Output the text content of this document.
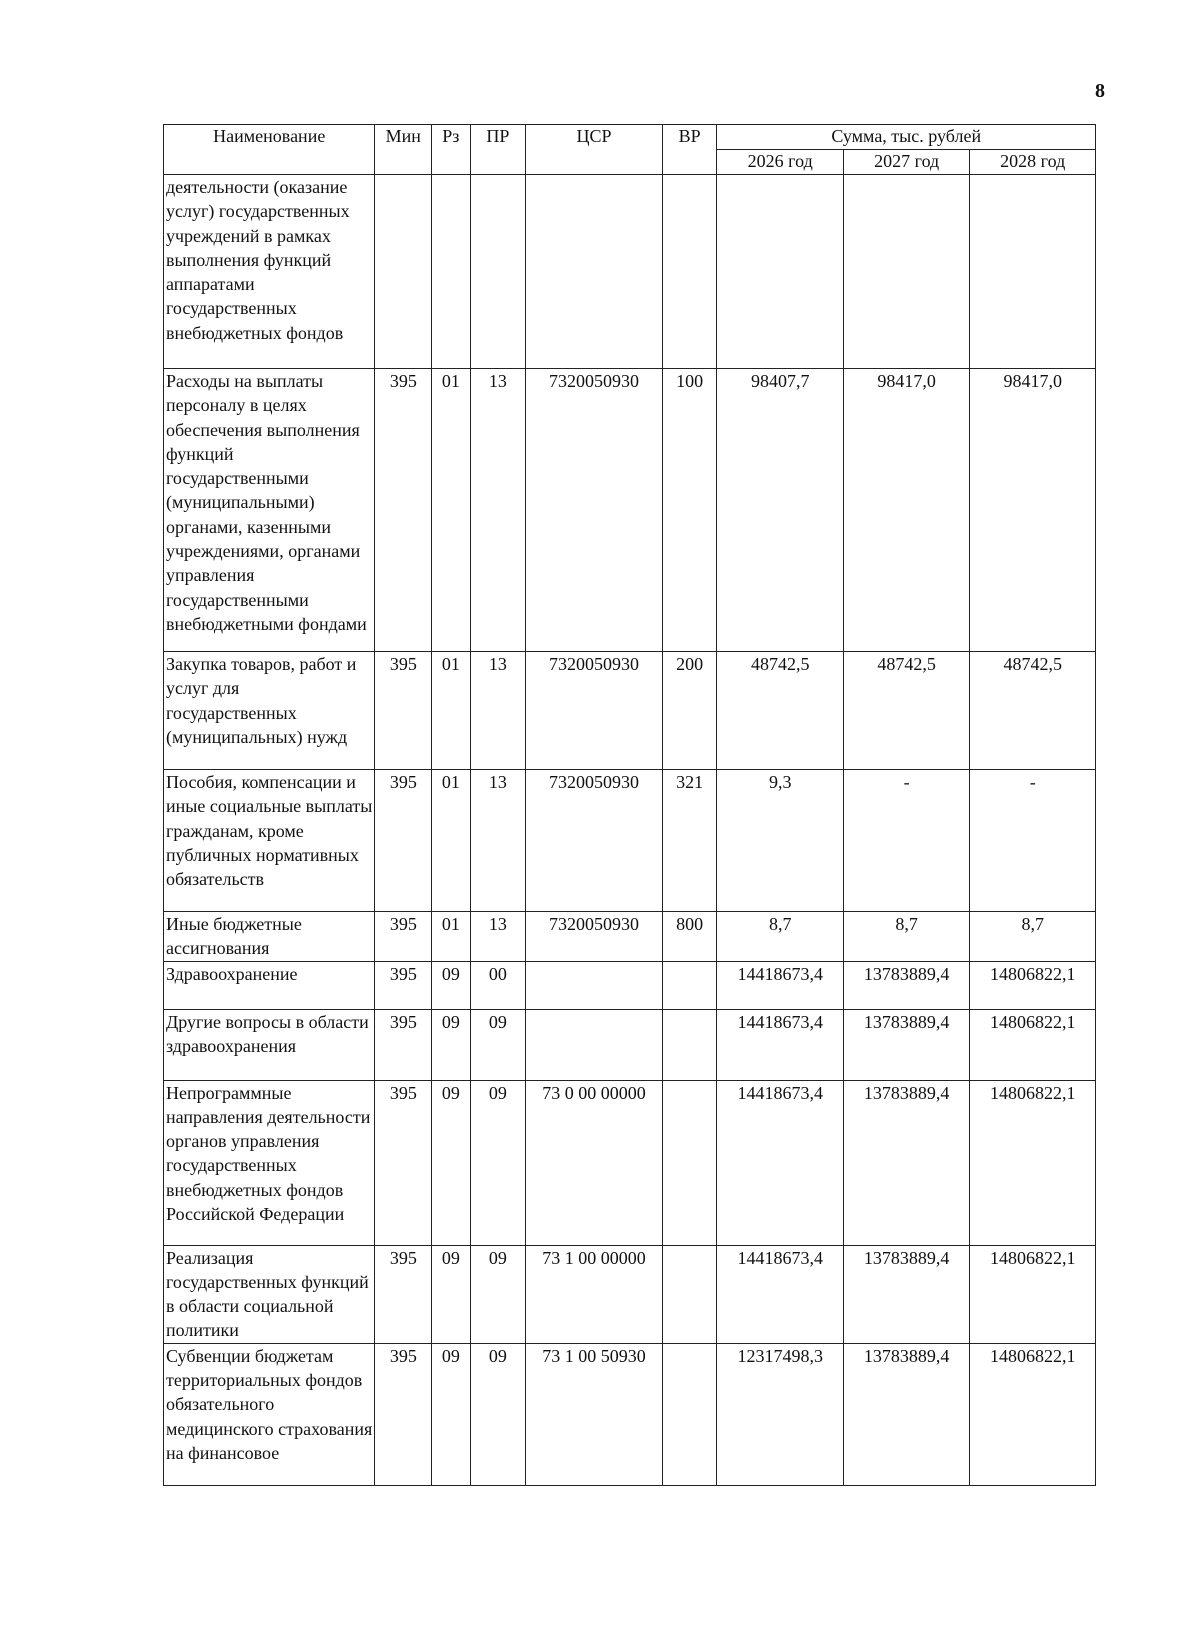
8
Наименование	Мин	Рз	ПР	ЦСР	ВР	Сумма, тыс. рублей		
						2026 год	2027 год	2028 год
деятельности (оказание услуг) государственных учреждений в рамках выполнения функций аппаратами государственных внебюджетных фондов								
Расходы на выплаты персоналу в целях обеспечения выполнения функций государственными (муниципальными) органами, казенными учреждениями, органами управления государственными внебюджетными фондами	395	01	13	7320050930	100	98407,7	98417,0	98417,0
Закупка товаров, работ и услуг для государственных (муниципальных) нужд	395	01	13	7320050930	200	48742,5	48742,5	48742,5
Пособия, компенсации и иные социальные выплаты гражданам, кроме публичных нормативных обязательств	395	01	13	7320050930	321	9,3	-	-
Иные бюджетные ассигнования	395	01	13	7320050930	800	8,7	8,7	8,7
Здравоохранение	395	09	00			14418673,4	13783889,4	14806822,1
Другие вопросы в области здравоохранения	395	09	09			14418673,4	13783889,4	14806822,1
Непрограммные направления деятельности органов управления государственных внебюджетных фондов Российской Федерации	395	09	09	73 0 00 00000		14418673,4	13783889,4	14806822,1
Реализация государственных функций в области социальной политики	395	09	09	73 1 00 00000		14418673,4	13783889,4	14806822,1
Субвенции бюджетам территориальных фондов обязательного медицинского страхования на финансовое	395	09	09	73 1 00 50930		12317498,3	13783889,4	14806822,1
